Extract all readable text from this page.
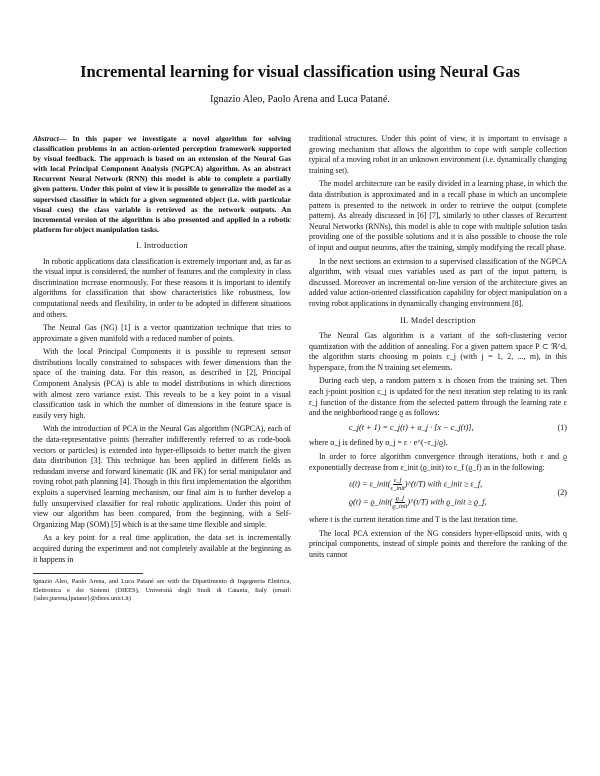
Incremental learning for visual classification using Neural Gas
Ignazio Aleo, Paolo Arena and Luca Patané.

Abstract— In this paper we investigate a novel algorithm for solving classification problems in an action-oriented perception framework supported by visual feedback. The approach is based on an extension of the Neural Gas with local Principal Component Analysis (NGPCA) algorithm. As an abstract Recurrent Neural Network (RNN) this model is able to complete a partially given pattern. Under this point of view it is possible to generalize the model as a supervised classifier in which for a given segmented object (i.e. with particular visual cues) the class variable is retrieved as the network outputs. An incremental version of the algorithm is also presented and applied in a robotic platform for object manipulation tasks.

I. Introduction

In robotic applications data classification is extremely important and, as far as the visual input is considered, the number of features and the complexity in class discrimination increase enormously. For these reasons it is important to identify algorithms for classification that show characteristics like robustness, low computational needs and flexibility, in order to be adopted in different situations and others.

The Neural Gas (NG) [1] is a vector quantization technique that tries to approximate a given manifold with a reduced number of points.

With the local Principal Components it is possible to represent sensor distributions locally constrained to subspaces with fewer dimensions than the space of the training data. For this reason, as described in [2], Principal Component Analysis (PCA) is able to model distributions in which directions with almost zero variance exist. This reveals to be a key point in a visual classification task in which the number of dimensions in the feature space is easily very high.

With the introduction of PCA in the Neural Gas algorithm (NGPCA), each of the data-representative points (hereafter indifferently referred to as code-book vectors or particles) is extended into hyper-ellipsoids to better match the given data distribution [3]. This technique has been applied in different fields as redundant inverse and forward kinematic (IK and FK) for serial manipulator and roving robot path planning [4]. Though in this first implementation the algorithm exploits a supervised learning mechanism, our final aim is to further develop a fully unsupervised classifier for real robotic applications. Under this point of view our algorithm has been compared, from the beginning, with a Self-Organizing Map (SOM) [5] which is at the same time flexible and simple.

As a key point for a real time application, the data set is incrementally acquired during the experiment and not completely available at the beginning as it happens in

Ignazio Aleo, Paolo Arena, and Luca Patané are with the Dipartimento di Ingegneria Elettrica, Elettronica e dei Sistemi (DIEES), Università degli Studi di Catania, Italy (email: {ialeo,parena,lpatane}@diees.unict.it)

traditional structures. Under this point of view, it is important to envisage a growing mechanism that allows the algorithm to cope with sample collection typical of a moving robot in an unknown environment (i.e. dynamically changing training set).

The model architecture can be easily divided in a learning phase, in which the data distribution is approximated and in a recall phase in which an uncomplete pattern is presented to the network in order to retrieve the output (complete pattern). As already discussed in [6] [7], similarly to other classes of Recurrent Neural Networks (RNNs), this model is able to cope with multiple solution tasks providing one of the possible solutions and it is also possible to choose the role of input and output neurons, after the training, simply modifying the recall phase.

In the next sections an extension to a supervised classification of the NGPCA algorithm, with visual cues variables used as part of the input pattern, is discussed. Moreover an incremental on-line version of the architecture gives an added value action-oriented classification capability for object manipulation on a roving robot applications in dynamically changing environment [8].

II. Model description

The Neural Gas algorithm is a variant of the soft-clustering vector quantization with the addition of annealing. For a given pattern space P ⊂ ℜ^d, the algorithm starts choosing m points c_j (with j = 1, 2, ..., m), in this hyperspace, from the N training set elements.

During each step, a random pattern x is chosen from the training set. Then each j-point position c_j is updated for the next iteration step relating to its rank r_j function of the distance from the selected pattern through the learning rate ε and the neighborhood range ϱ as follows:

c_j(t + 1) = c_j(t) + α_j · [x − c_j(t)],	(1)

where α_j is defined by α_j = ε · e^(−r_j/ϱ).

In order to force algorithm convergence through iterations, both ε and ϱ exponentially decrease from ε_init (ϱ_init) to ε_f (ϱ_f) as in the following:

ε(t) = ε_init( $\frac{\varepsilon\_f}{\text{ε\_init}}$ )^(t/T) with ε_init ≥ ε_f,
ϱ(t) = ϱ_init( $\frac{ϱ\_f}{\text{ϱ\_init}}$ )^(t/T) with ϱ_init ≥ ϱ_f,
(2)

where t is the current iteration time and T is the last iteration time.

The local PCA extension of the NG considers hyper-ellipsoid units, with q principal components, instead of simple points and therefore the ranking of the units cannot
